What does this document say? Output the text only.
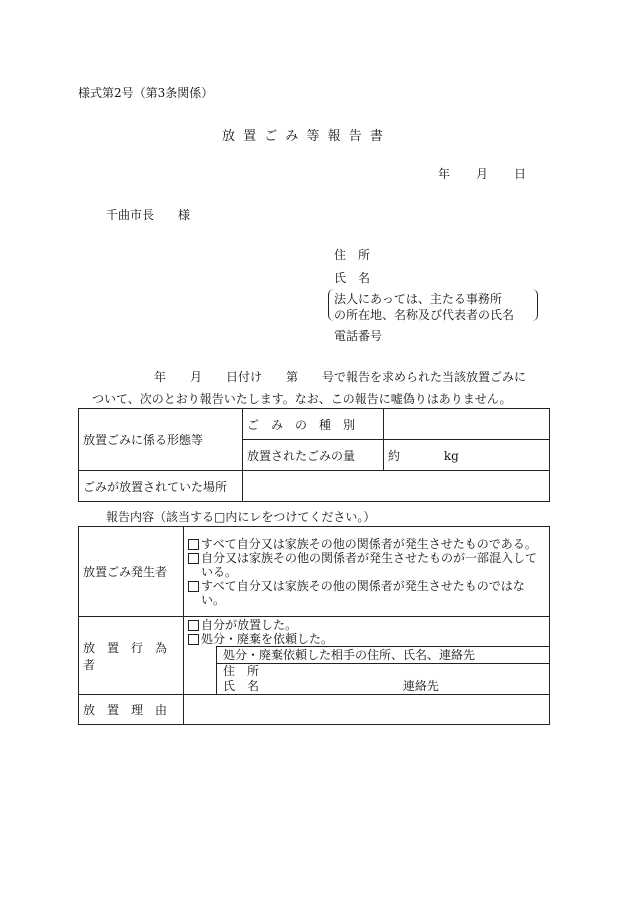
様式第2号（第3条関係）
放 置 ご み 等 報 告 書
年 月 日
千曲市長　　様
住　所
氏　名
法人にあっては、主たる事務所
の所在地、名称及び代表者の氏名
電話番号
年　　月　　日付け　　第　　号で報告を求められた当該放置ごみに
ついて、次のとおり報告いたします。なお、この報告に嘘偽りはありません。
放置ごみに係る形態等	ご　み　の　種　別	
	放置されたごみの量	約 kg
ごみが放置されていた場所		
報告内容（該当する□内にレをつけてください。）
放置ごみ発生者	すべて自分又は家族その他の関係者が発生させたものである。
自分又は家族その他の関係者が発生させたものが一部混入している。
すべて自分又は家族その他の関係者が発生させたものではない。

放　置　行　為　者	自分が放置した。
処分・廃棄を依頼した。
処分・廃棄依頼した相手の住所、氏名、連絡先
住　所
氏　名 連絡先

放　置　理　由	
